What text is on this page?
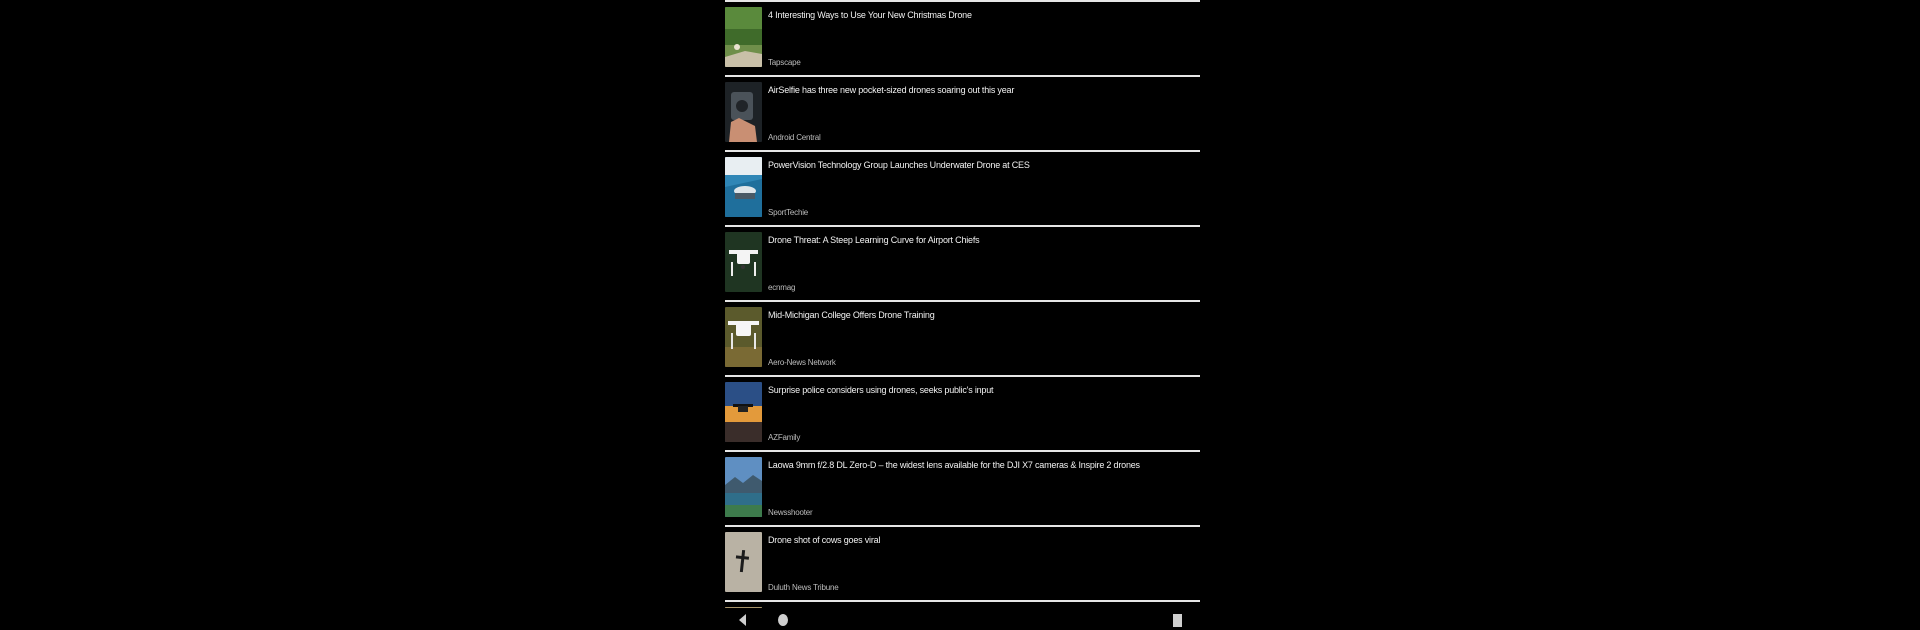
4 Interesting Ways to Use Your New Christmas Drone
Tapscape
AirSelfie has three new pocket-sized drones soaring out this year
Android Central
PowerVision Technology Group Launches Underwater Drone at CES
SportTechie
Drone Threat: A Steep Learning Curve for Airport Chiefs
ecnmag
Mid-Michigan College Offers Drone Training
Aero-News Network
Surprise police considers using drones, seeks public's input
AZFamily
Laowa 9mm f/2.8 DL Zero-D – the widest lens available for the DJI X7 cameras & Inspire 2 drones
Newsshooter
Drone shot of cows goes viral
Duluth News Tribune
